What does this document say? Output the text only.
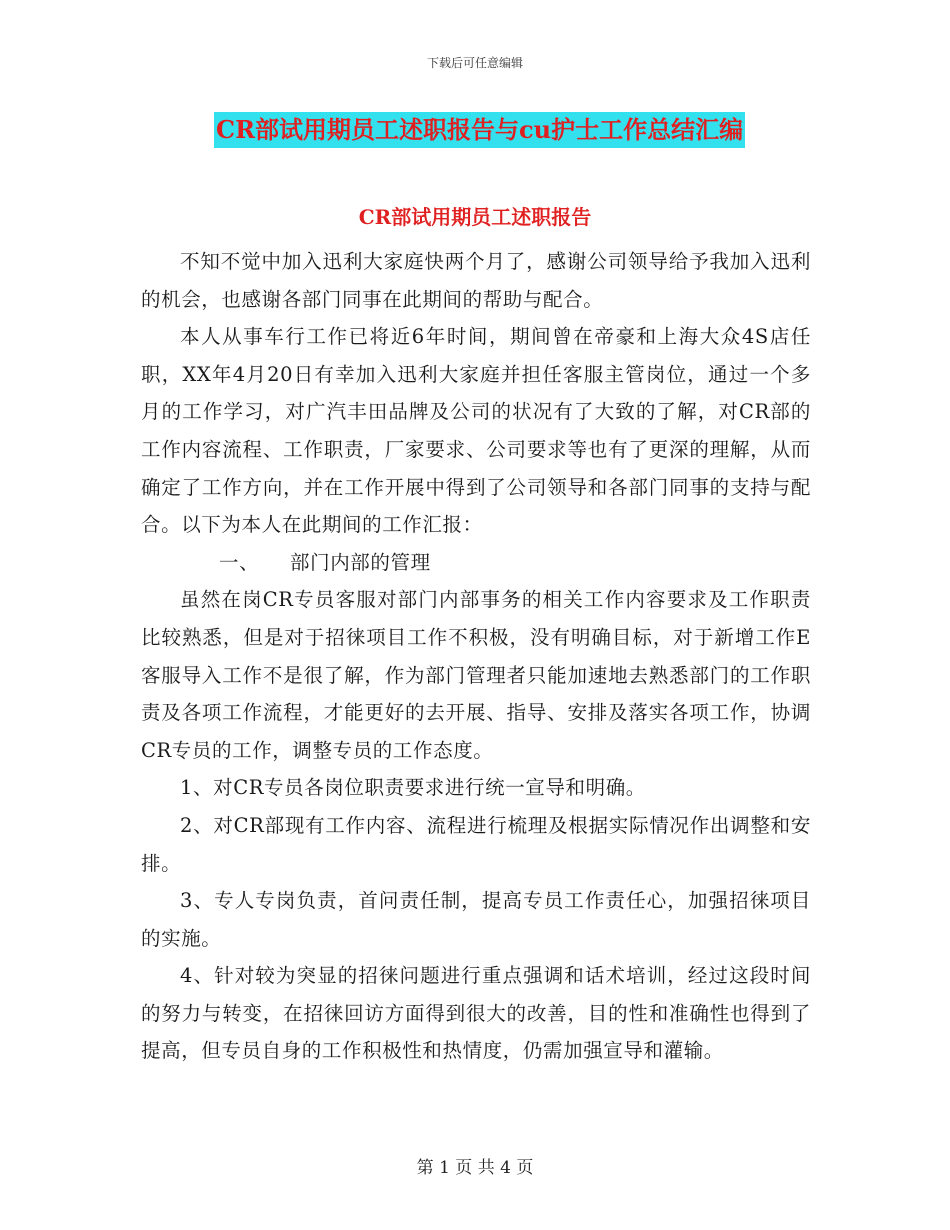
下载后可任意编辑
CR部试用期员工述职报告与cu护士工作总结汇编
CR部试用期员工述职报告

不知不觉中加入迅利大家庭快两个月了，感谢公司领导给予我加入迅利的机会，也感谢各部门同事在此期间的帮助与配合。

本人从事车行工作已将近6年时间，期间曾在帝豪和上海大众4S店任职，XX年4月20日有幸加入迅利大家庭并担任客服主管岗位，通过一个多月的工作学习，对广汽丰田品牌及公司的状况有了大致的了解，对CR部的工作内容流程、工作职责，厂家要求、公司要求等也有了更深的理解，从而确定了工作方向，并在工作开展中得到了公司领导和各部门同事的支持与配合。以下为本人在此期间的工作汇报：

一、 部门内部的管理

虽然在岗CR专员客服对部门内部事务的相关工作内容要求及工作职责比较熟悉，但是对于招徕项目工作不积极，没有明确目标，对于新增工作E客服导入工作不是很了解，作为部门管理者只能加速地去熟悉部门的工作职责及各项工作流程，才能更好的去开展、指导、安排及落实各项工作，协调CR专员的工作，调整专员的工作态度。

1、对CR专员各岗位职责要求进行统一宣导和明确。

2、对CR部现有工作内容、流程进行梳理及根据实际情况作出调整和安排。

3、专人专岗负责，首问责任制，提高专员工作责任心，加强招徕项目的实施。

4、针对较为突显的招徕问题进行重点强调和话术培训，经过这段时间的努力与转变，在招徕回访方面得到很大的改善，目的性和准确性也得到了提高，但专员自身的工作积极性和热情度，仍需加强宣导和灌输。

第 1 页 共 4 页
